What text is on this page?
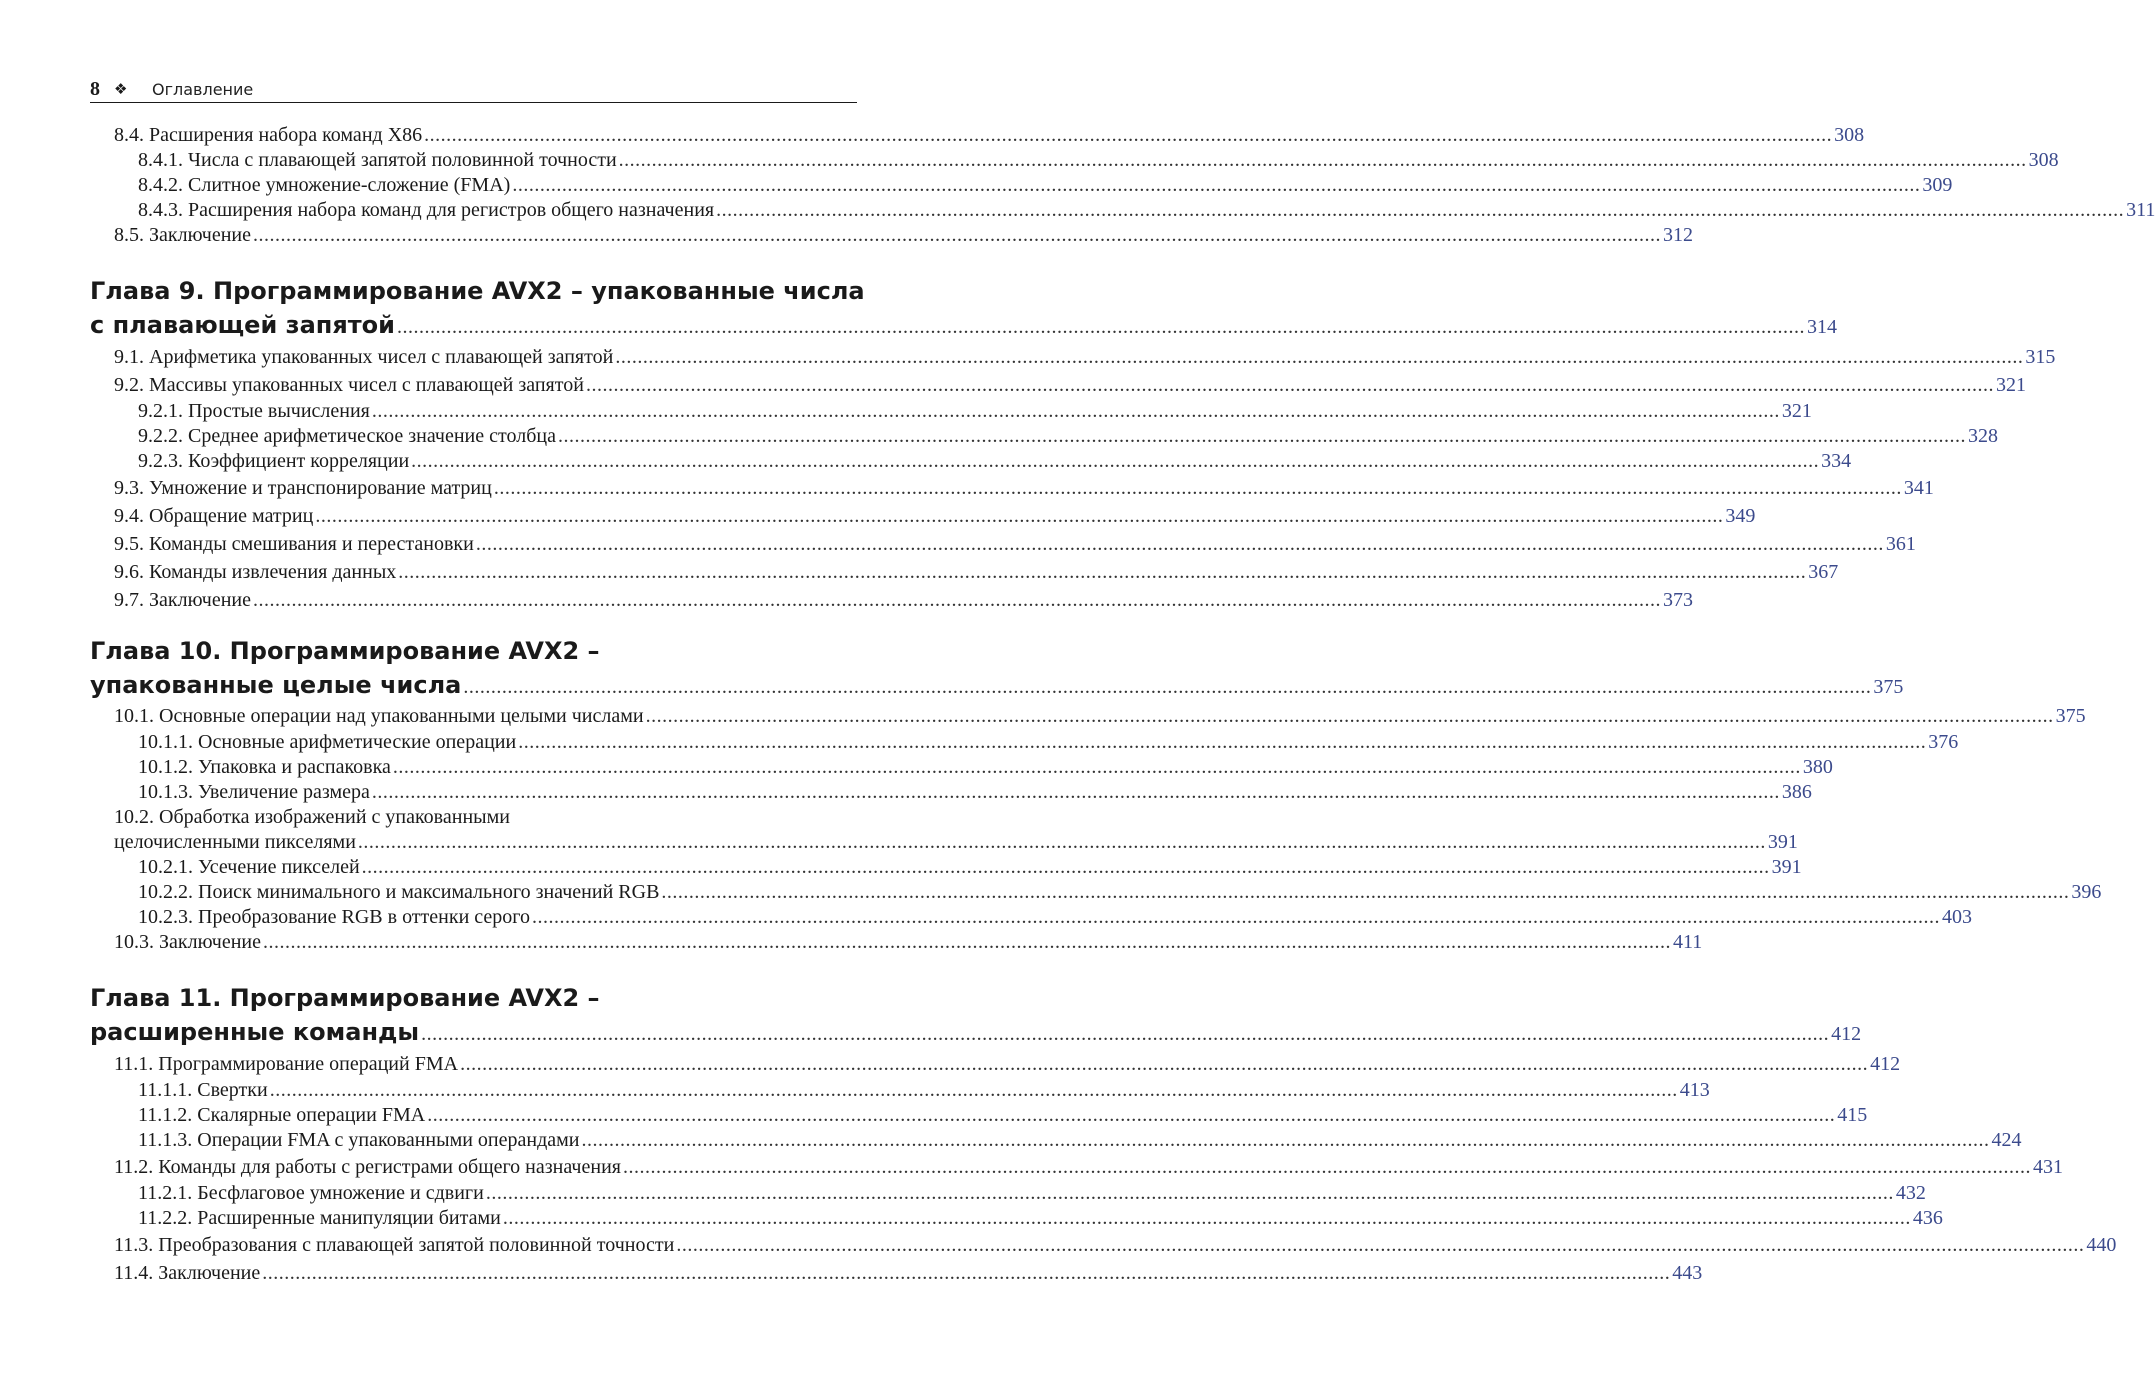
8 ❖	Оглавление
8.4. Расширения набора команд X86 .....	308
8.4.1. Числа с плавающей запятой половинной точности .....	308
8.4.2. Слитное умножение-сложение (FMA) .....	309
8.4.3. Расширения набора команд для регистров общего назначения .....	311
8.5. Заключение .....	312
Глава 9. Программирование AVX2 – упакованные числа
с плавающей запятой .....	314
9.1. Арифметика упакованных чисел с плавающей запятой .....	315
9.2. Массивы упакованных чисел с плавающей запятой .....	321
9.2.1. Простые вычисления .....	321
9.2.2. Среднее арифметическое значение столбца .....	328
9.2.3. Коэффициент корреляции .....	334
9.3. Умножение и транспонирование матриц .....	341
9.4. Обращение матриц .....	349
9.5. Команды смешивания и перестановки .....	361
9.6. Команды извлечения данных .....	367
9.7. Заключение .....	373
Глава 10. Программирование AVX2 –
упакованные целые числа .....	375
10.1. Основные операции над упакованными целыми числами .....	375
10.1.1. Основные арифметические операции .....	376
10.1.2. Упаковка и распаковка .....	380
10.1.3. Увеличение размера .....	386
10.2. Обработка изображений с упакованными
целочисленными пикселями .....	391
10.2.1. Усечение пикселей .....	391
10.2.2. Поиск минимального и максимального значений RGB .....	396
10.2.3. Преобразование RGB в оттенки серого .....	403
10.3. Заключение .....	411
Глава 11. Программирование AVX2 –
расширенные команды .....	412
11.1. Программирование операций FMA .....	412
11.1.1. Свертки .....	413
11.1.2. Скалярные операции FMA .....	415
11.1.3. Операции FMA с упакованными операндами .....	424
11.2. Команды для работы с регистрами общего назначения .....	431
11.2.1. Бесфлаговое умножение и сдвиги .....	432
11.2.2. Расширенные манипуляции битами .....	436
11.3. Преобразования с плавающей запятой половинной точности .....	440
11.4. Заключение .....	443
